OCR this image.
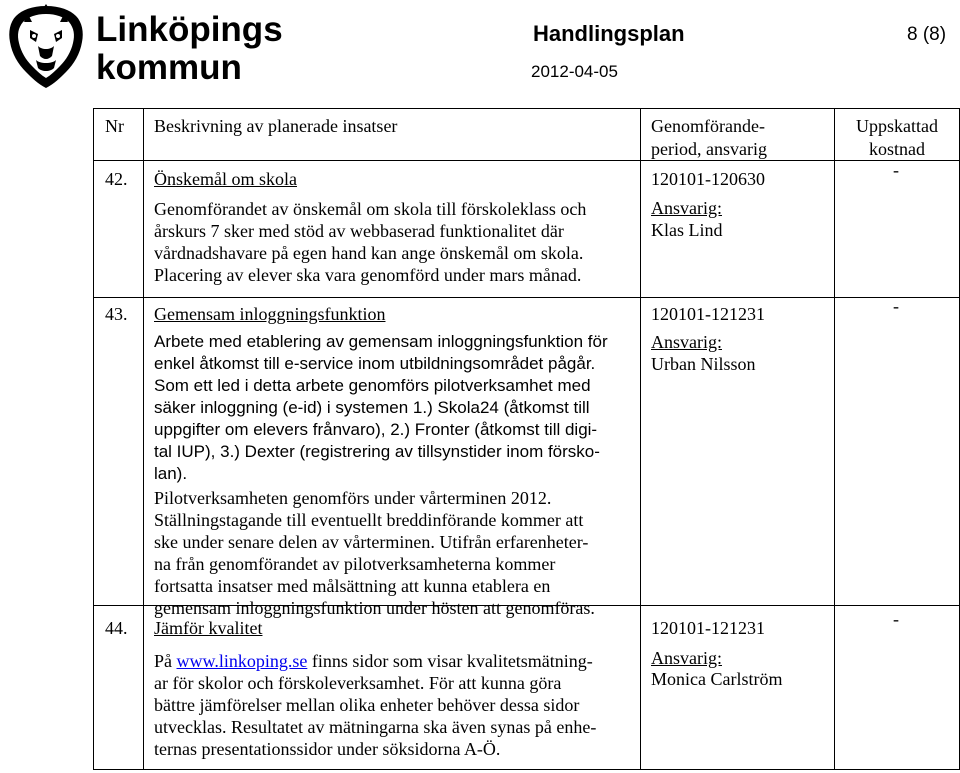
Linköpings
kommun
Handlingsplan	8 (8)
2012-04-05
Nr Beskrivning av planerade insatser	Genomförande-
period, ansvarig
Uppskattad
kostnad
42. Önskemål om skola
Genomförandet av önskemål om skola till förskoleklass och
årskurs 7 sker med stöd av webbaserad funktionalitet där
vårdnadshavare på egen hand kan ange önskemål om skola.
Placering av elever ska vara genomförd under mars månad.
120101-120630
Ansvarig:
Klas Lind
-
43. Gemensam inloggningsfunktion
Arbete med etablering av gemensam inloggningsfunktion för
enkel åtkomst till e-service inom utbildningsområdet pågår.
Som ett led i detta arbete genomförs pilotverksamhet med
säker inloggning (e-id) i systemen 1.) Skola24 (åtkomst till
uppgifter om elevers frånvaro), 2.) Fronter (åtkomst till digi-
tal IUP), 3.) Dexter (registrering av tillsynstider inom försko-
lan).
Pilotverksamheten genomförs under vårterminen 2012.
Ställningstagande till eventuellt breddinförande kommer att
ske under senare delen av vårterminen. Utifrån erfarenheter-
na från genomförandet av pilotverksamheterna kommer
fortsatta insatser med målsättning att kunna etablera en
gemensam inloggningsfunktion under hösten att genomföras.
120101-121231
Ansvarig:
Urban Nilsson
-
44. Jämför kvalitet
På www.linkoping.se finns sidor som visar kvalitetsmätning-
ar för skolor och förskoleverksamhet. För att kunna göra
bättre jämförelser mellan olika enheter behöver dessa sidor
utvecklas. Resultatet av mätningarna ska även synas på enhe-
ternas presentationssidor under söksidorna A-Ö.
120101-121231
Ansvarig:
Monica Carlström
-
